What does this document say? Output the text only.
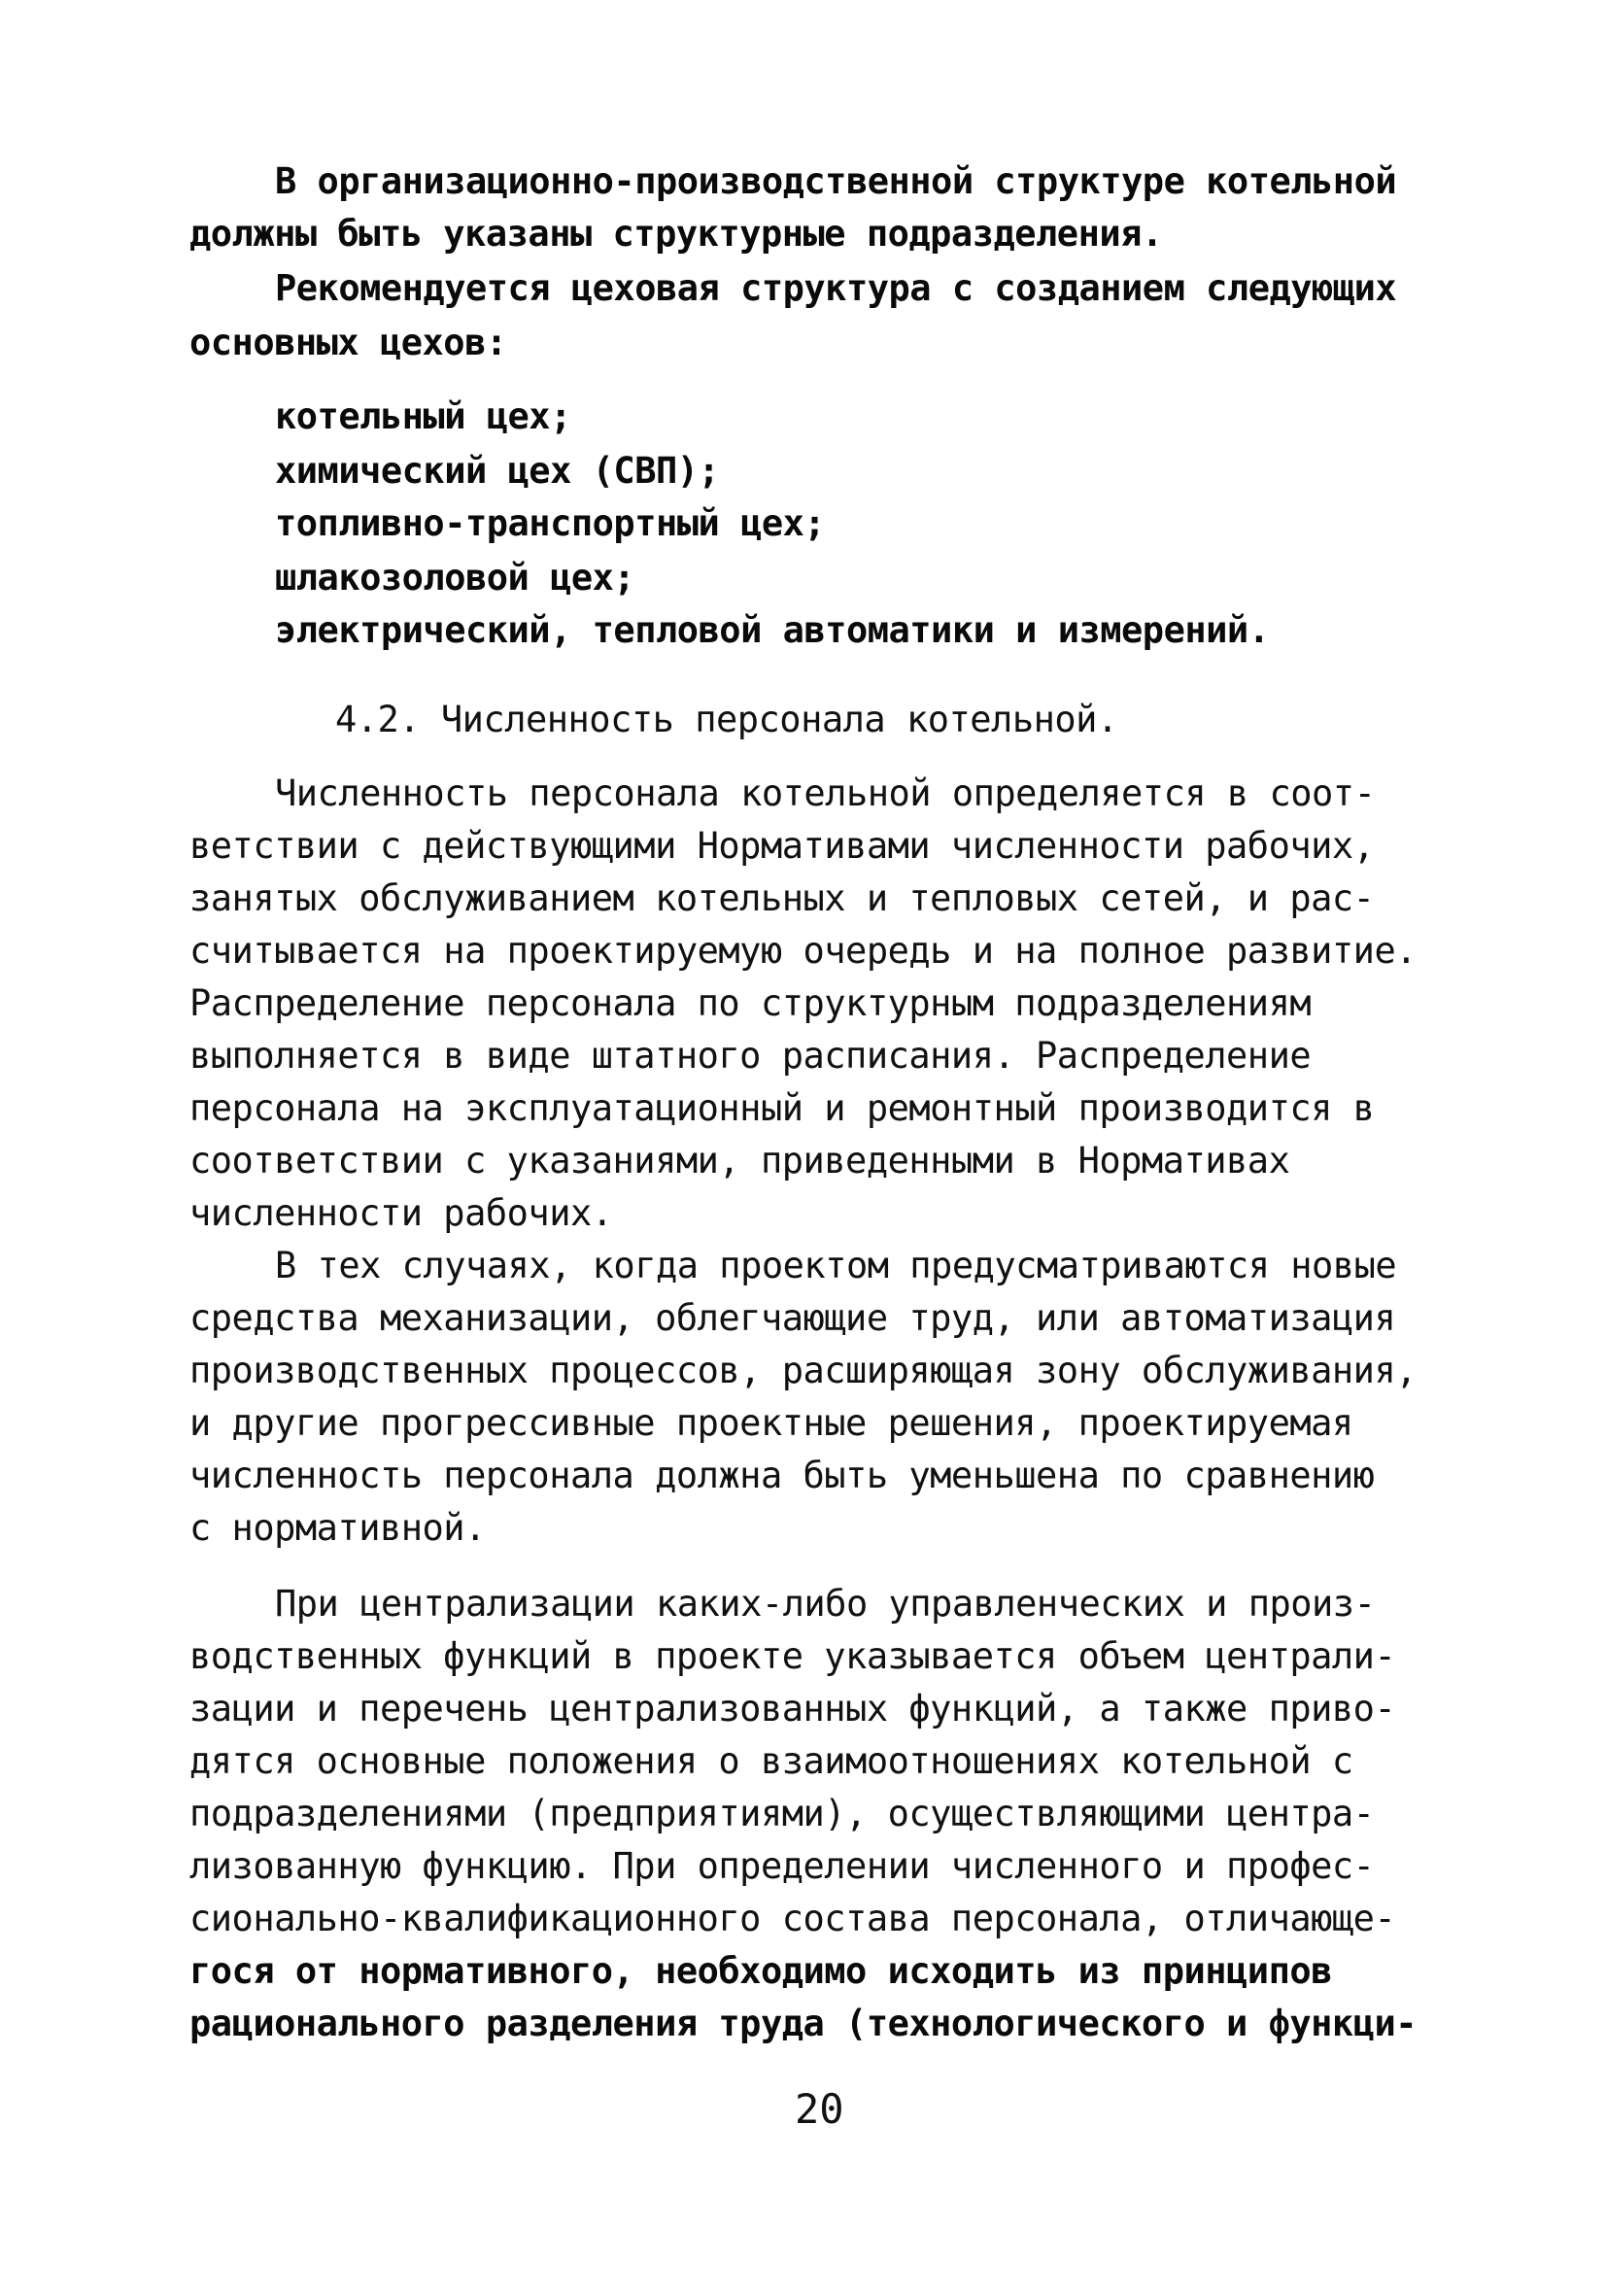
В организационно-производственной структуре котельной
должны быть указаны структурные подразделения.
Рекомендуется цеховая структура с созданием следующих
основных цехов:
котельный цех;
химический цех (СВП);
топливно-транспортный цех;
шлакозоловой цех;
электрический, тепловой автоматики и измерений.
4.2. Численность персонала котельной.
Численность персонала котельной определяется в соот-
ветствии с действующими Нормативами численности рабочих,
занятых обслуживанием котельных и тепловых сетей, и рас-
считывается на проектируемую очередь и на полное развитие.
Распределение персонала по структурным подразделениям
выполняется в виде штатного расписания. Распределение
персонала на эксплуатационный и ремонтный производится в
соответствии с указаниями, приведенными в Нормативах
численности рабочих.
В тех случаях, когда проектом предусматриваются новые
средства механизации, облегчающие труд, или автоматизация
производственных процессов, расширяющая зону обслуживания,
и другие прогрессивные проектные решения, проектируемая
численность персонала должна быть уменьшена по сравнению
с нормативной.
При централизации каких-либо управленческих и произ-
водственных функций в проекте указывается объем централи-
зации и перечень централизованных функций, а также приво-
дятся основные положения о взаимоотношениях котельной с
подразделениями (предприятиями), осуществляющими центра-
лизованную функцию. При определении численного и профес-
сионально-квалификационного состава персонала, отличающе-
гося от нормативного, необходимо исходить из принципов
рационального разделения труда (технологического и функци-
20
